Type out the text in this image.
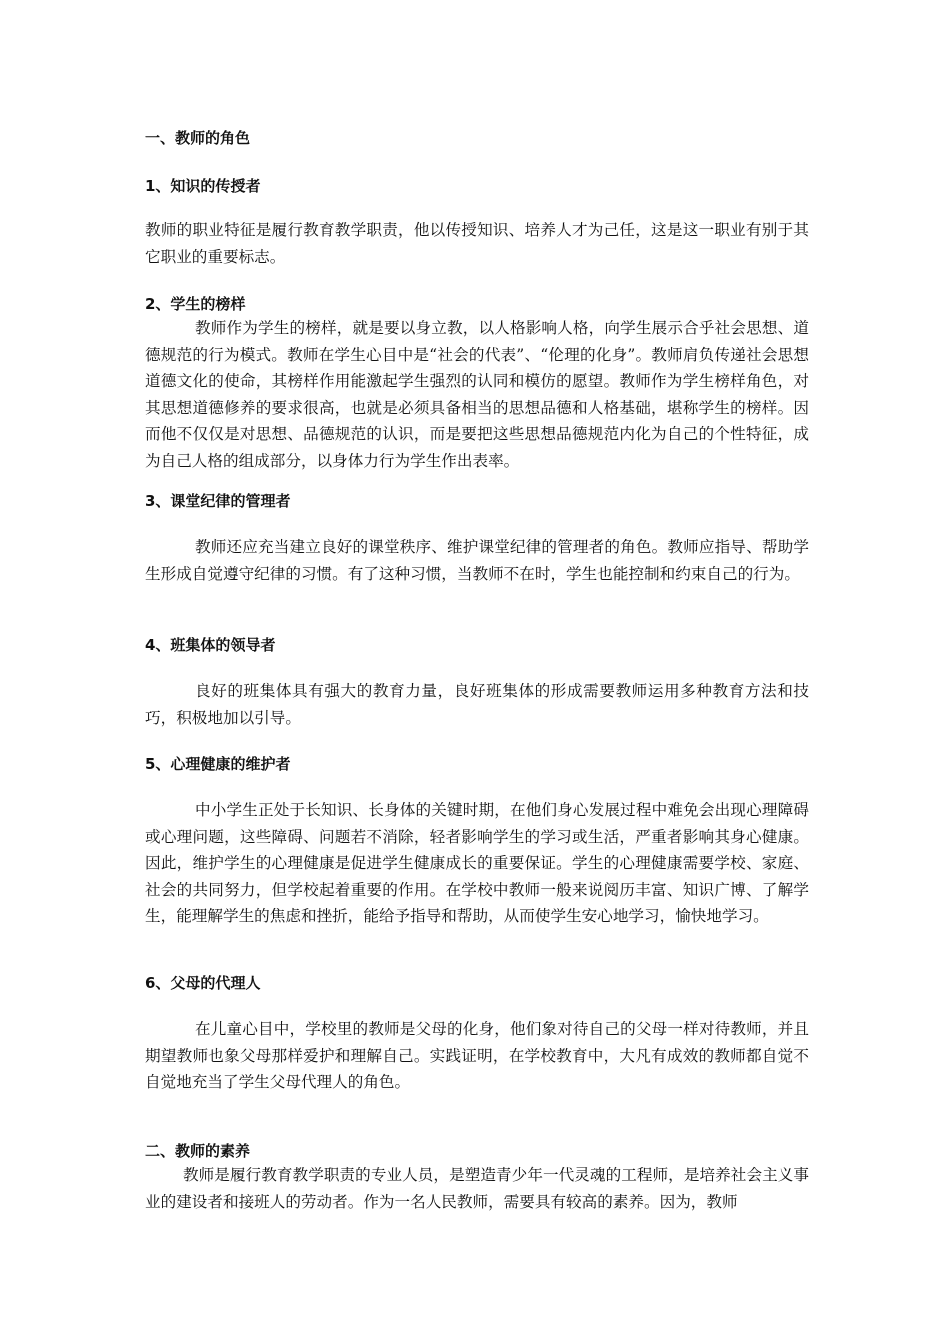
一、教师的角色
1、知识的传授者
教师的职业特征是履行教育教学职责，他以传授知识、培养人才为己任，这是这一职业有别于其它职业的重要标志。
2、学生的榜样
教师作为学生的榜样，就是要以身立教，以人格影响人格，向学生展示合乎社会思想、道德规范的行为模式。教师在学生心目中是“社会的代表”、“伦理的化身”。教师肩负传递社会思想道德文化的使命，其榜样作用能激起学生强烈的认同和模仿的愿望。教师作为学生榜样角色，对其思想道德修养的要求很高，也就是必须具备相当的思想品德和人格基础，堪称学生的榜样。因而他不仅仅是对思想、品德规范的认识，而是要把这些思想品德规范内化为自己的个性特征，成为自己人格的组成部分，以身体力行为学生作出表率。
3、课堂纪律的管理者
教师还应充当建立良好的课堂秩序、维护课堂纪律的管理者的角色。教师应指导、帮助学生形成自觉遵守纪律的习惯。有了这种习惯，当教师不在时，学生也能控制和约束自己的行为。
4、班集体的领导者
良好的班集体具有强大的教育力量，良好班集体的形成需要教师运用多种教育方法和技巧，积极地加以引导。
5、心理健康的维护者
中小学生正处于长知识、长身体的关键时期，在他们身心发展过程中难免会出现心理障碍或心理问题，这些障碍、问题若不消除，轻者影响学生的学习或生活，严重者影响其身心健康。因此，维护学生的心理健康是促进学生健康成长的重要保证。学生的心理健康需要学校、家庭、社会的共同努力，但学校起着重要的作用。在学校中教师一般来说阅历丰富、知识广博、了解学生，能理解学生的焦虑和挫折，能给予指导和帮助，从而使学生安心地学习，愉快地学习。
6、父母的代理人
在儿童心目中，学校里的教师是父母的化身，他们象对待自己的父母一样对待教师，并且期望教师也象父母那样爱护和理解自己。实践证明，在学校教育中，大凡有成效的教师都自觉不自觉地充当了学生父母代理人的角色。
二、教师的素养
教师是履行教育教学职责的专业人员，是塑造青少年一代灵魂的工程师，是培养社会主义事业的建设者和接班人的劳动者。作为一名人民教师，需要具有较高的素养。因为，教师
